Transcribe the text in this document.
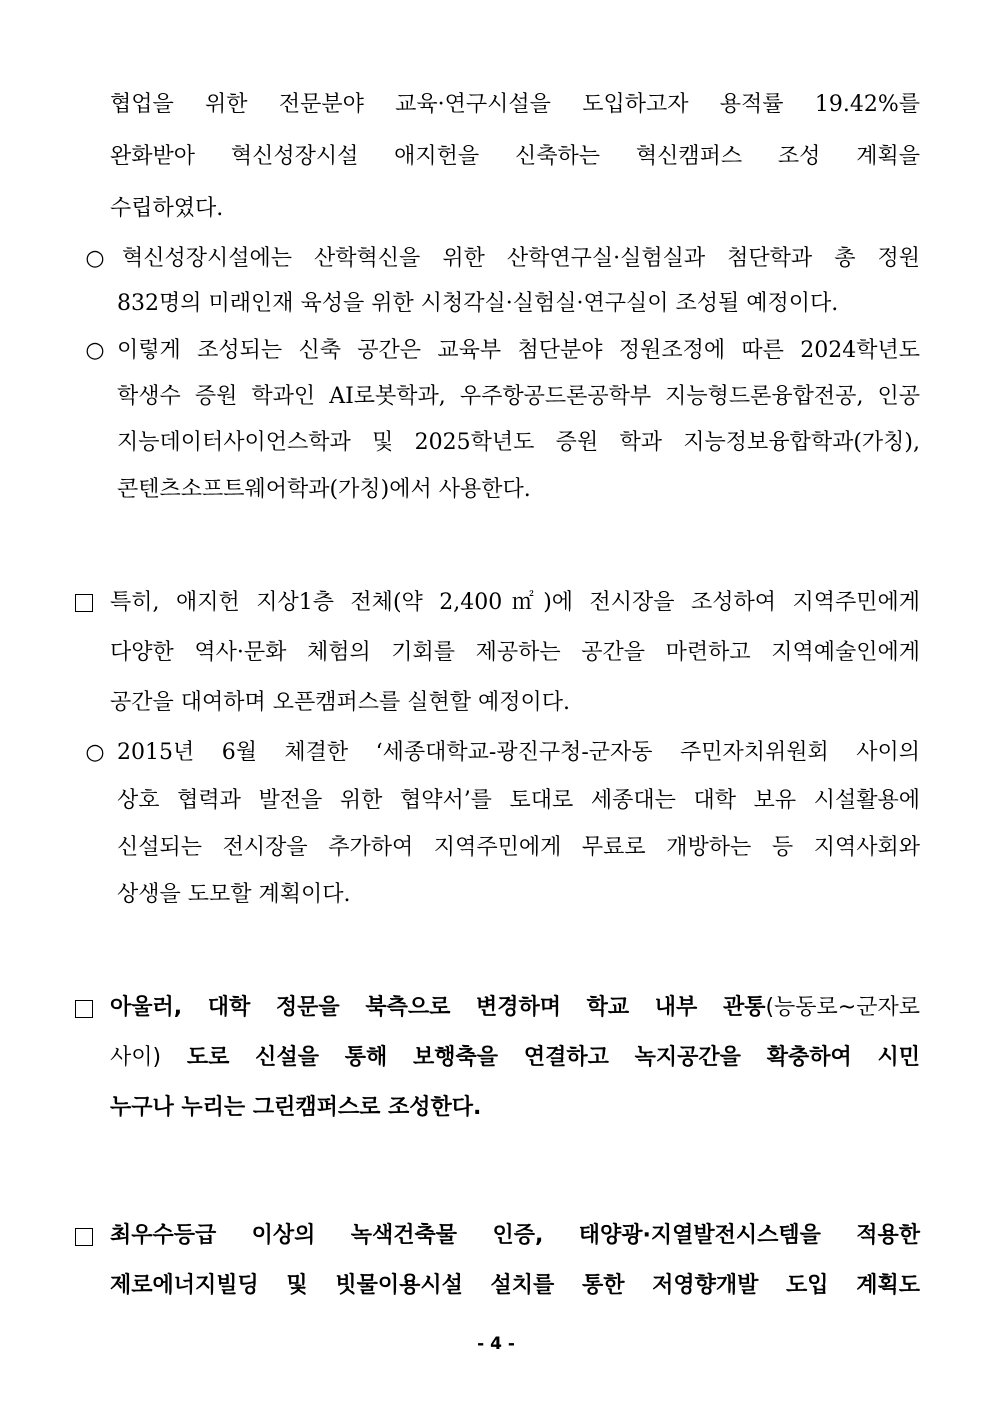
협업을 위한 전문분야 교육·연구시설을 도입하고자 용적률 19.42%를
완화받아 혁신성장시설 애지헌을 신축하는 혁신캠퍼스 조성 계획을
수립하였다.
○ 혁신성장시설에는 산학혁신을 위한 산학연구실·실험실과 첨단학과 총 정원
832명의 미래인재 육성을 위한 시청각실·실험실·연구실이 조성될 예정이다.
○ 이렇게 조성되는 신축 공간은 교육부 첨단분야 정원조정에 따른 2024학년도
학생수 증원 학과인 AI로봇학과, 우주항공드론공학부 지능형드론융합전공, 인공
지능데이터사이언스학과 및 2025학년도 증원 학과 지능정보융합학과(가칭),
콘텐츠소프트웨어학과(가칭)에서 사용한다.
특히, 애지헌 지상1층 전체(약 2,400㎡)에 전시장을 조성하여 지역주민에게
다양한 역사·문화 체험의 기회를 제공하는 공간을 마련하고 지역예술인에게
공간을 대여하며 오픈캠퍼스를 실현할 예정이다.
○ 2015년 6월 체결한 ‘세종대학교-광진구청-군자동 주민자치위원회 사이의
상호 협력과 발전을 위한 협약서’를 토대로 세종대는 대학 보유 시설활용에
신설되는 전시장을 추가하여 지역주민에게 무료로 개방하는 등 지역사회와
상생을 도모할 계획이다.
아울러, 대학 정문을 북측으로 변경하며 학교 내부 관통(능동로~군자로
사이) 도로 신설을 통해 보행축을 연결하고 녹지공간을 확충하여 시민
누구나 누리는 그린캠퍼스로 조성한다.
최우수등급 이상의 녹색건축물 인증, 태양광·지열발전시스템을 적용한
제로에너지빌딩 및 빗물이용시설 설치를 통한 저영향개발 도입 계획도
- 4 -
